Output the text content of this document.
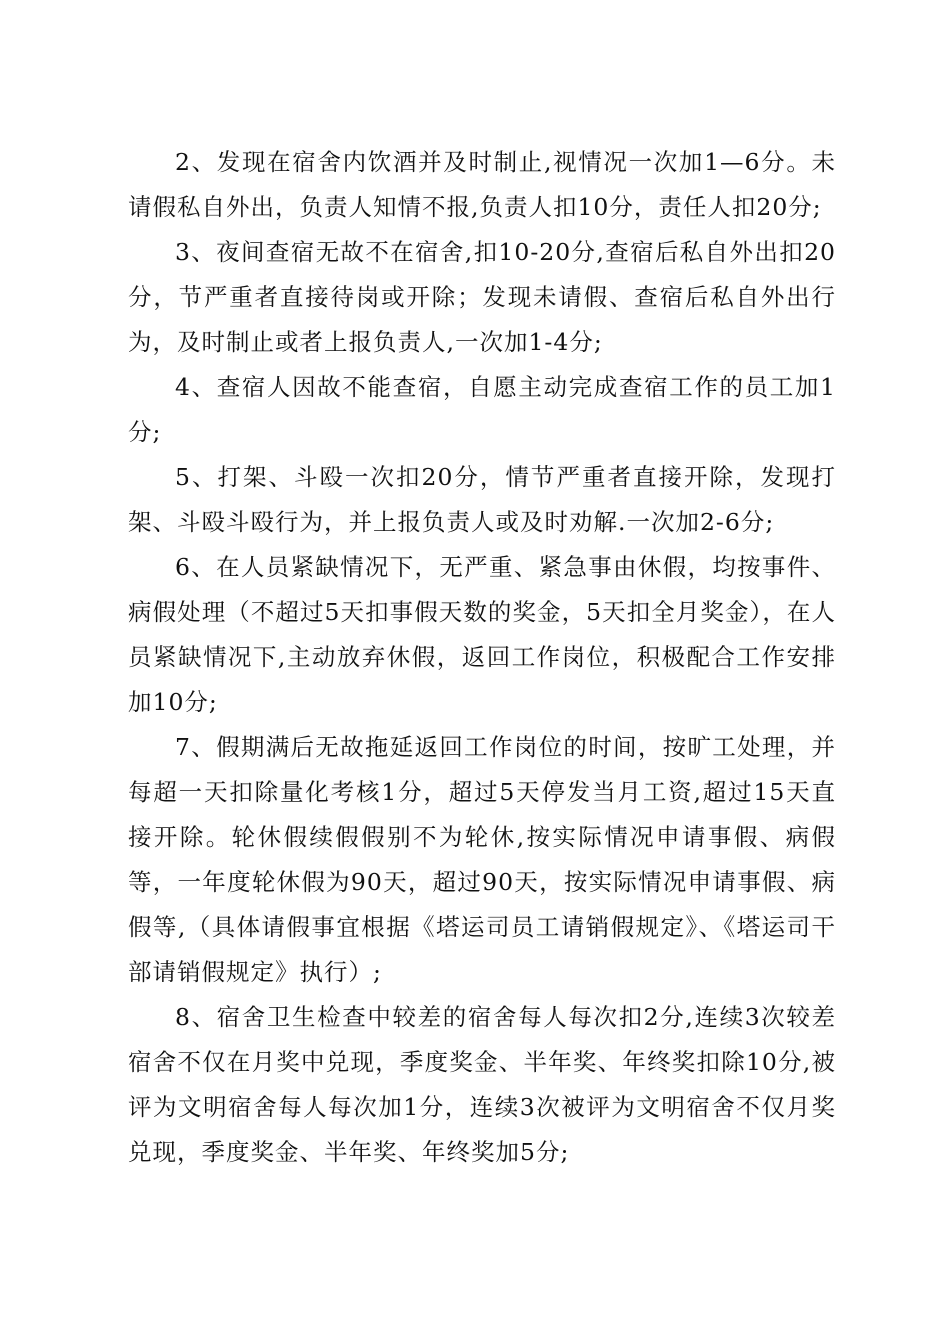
2、发现在宿舍内饮酒并及时制止,视情况一次加1—6分。未请假私自外出，负责人知情不报,负责人扣10分，责任人扣20分;

3、夜间查宿无故不在宿舍,扣10-20分,查宿后私自外出扣20分，节严重者直接待岗或开除；发现未请假、查宿后私自外出行为，及时制止或者上报负责人,一次加1-4分;

4、查宿人因故不能查宿，自愿主动完成查宿工作的员工加1分;

5、打架、斗殴一次扣20分，情节严重者直接开除，发现打架、斗殴斗殴行为，并上报负责人或及时劝解.一次加2-6分;

6、在人员紧缺情况下，无严重、紧急事由休假，均按事件、病假处理（不超过5天扣事假天数的奖金，5天扣全月奖金），在人员紧缺情况下,主动放弃休假，返回工作岗位，积极配合工作安排加10分;

7、假期满后无故拖延返回工作岗位的时间，按旷工处理，并每超一天扣除量化考核1分，超过5天停发当月工资,超过15天直接开除。轮休假续假假别不为轮休,按实际情况申请事假、病假等，一年度轮休假为90天，超过90天，按实际情况申请事假、病假等,（具体请假事宜根据《塔运司员工请销假规定》、《塔运司干部请销假规定》执行）;

8、宿舍卫生检查中较差的宿舍每人每次扣2分,连续3次较差宿舍不仅在月奖中兑现，季度奖金、半年奖、年终奖扣除10分,被评为文明宿舍每人每次加1分，连续3次被评为文明宿舍不仅月奖兑现，季度奖金、半年奖、年终奖加5分;
